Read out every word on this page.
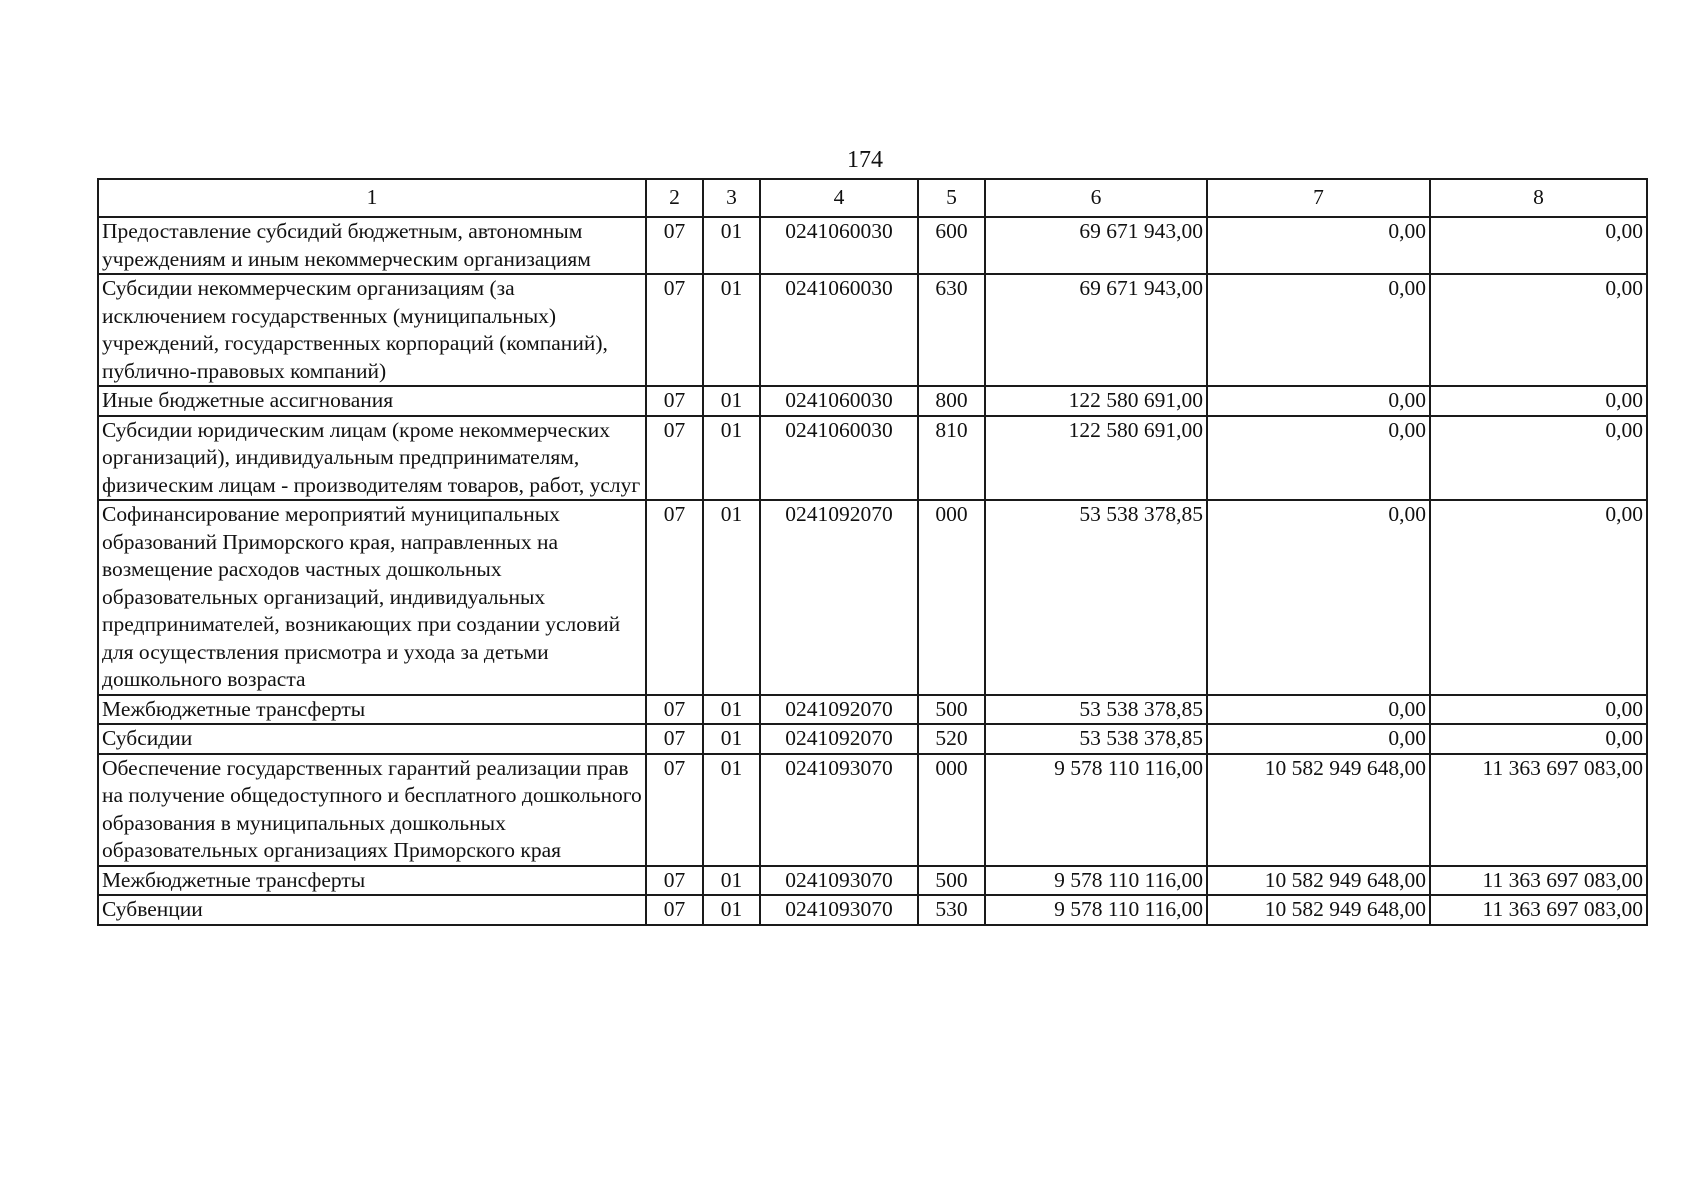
174
1	2	3	4	5	6	7	8
Предоставление субсидий бюджетным, автономным учреждениям и иным некоммерческим организациям	07	01	0241060030	600	69 671 943,00	0,00	0,00
Субсидии некоммерческим организациям (за исключением государственных (муниципальных) учреждений, государственных корпораций (компаний), публично-правовых компаний)	07	01	0241060030	630	69 671 943,00	0,00	0,00
Иные бюджетные ассигнования	07	01	0241060030	800	122 580 691,00	0,00	0,00
Субсидии юридическим лицам (кроме некоммерческих организаций), индивидуальным предпринимателям, физическим лицам - производителям товаров, работ, услуг	07	01	0241060030	810	122 580 691,00	0,00	0,00
Софинансирование мероприятий муниципальных образований Приморского края, направленных на возмещение расходов частных дошкольных образовательных организаций, индивидуальных предпринимателей, возникающих при создании условий для осуществления присмотра и ухода за детьми дошкольного возраста	07	01	0241092070	000	53 538 378,85	0,00	0,00
Межбюджетные трансферты	07	01	0241092070	500	53 538 378,85	0,00	0,00
Субсидии	07	01	0241092070	520	53 538 378,85	0,00	0,00
Обеспечение государственных гарантий реализации прав на получение общедоступного и бесплатного дошкольного образования в муниципальных дошкольных образовательных организациях Приморского края	07	01	0241093070	000	9 578 110 116,00	10 582 949 648,00	11 363 697 083,00
Межбюджетные трансферты	07	01	0241093070	500	9 578 110 116,00	10 582 949 648,00	11 363 697 083,00
Субвенции	07	01	0241093070	530	9 578 110 116,00	10 582 949 648,00	11 363 697 083,00
